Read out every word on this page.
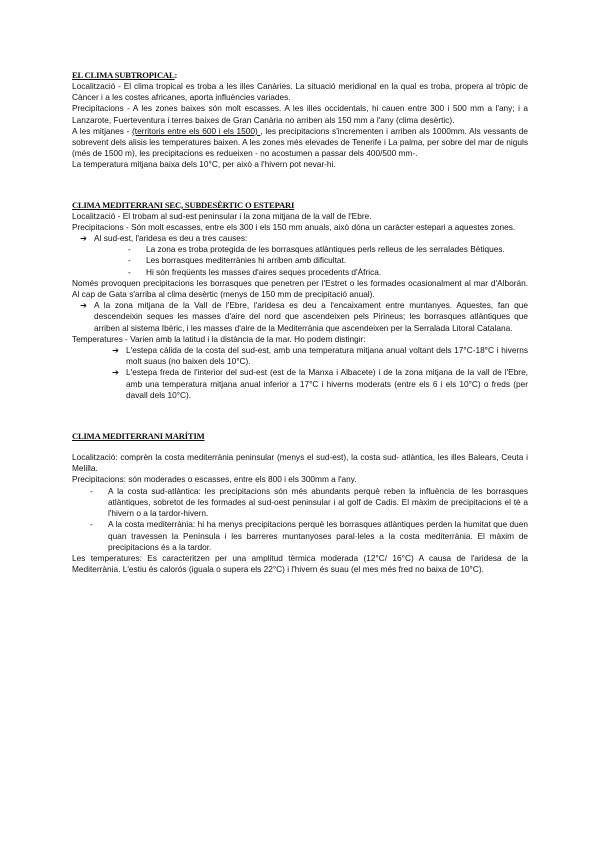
EL CLIMA SUBTROPICAL:

Localització - El clima tropical es troba a les illes Canàries. La situació meridional en la qual es troba, propera al tròpic de Càncer i a les costes africanes, aporta influències variades.

Precipitacions - A les zones baixes són molt escasses. A les illes occidentals, hi cauen entre 300 i 500 mm a l'any; i a Lanzarote, Fuerteventura i terres baixes de Gran Canària no arriben als 150 mm a l'any (clima desèrtic).

A les mitjanes - (territoris entre els 600 i els 1500) , les precipitacions s'incrementen i arriben als 1000mm. Als vessants de sobrevent dels alisis les temperatures baixen. A les zones més elevades de Tenerife i La palma, per sobre del mar de niguls (més de 1500 m), les precipitacions es redueixen - no acostumen a passar dels 400/500 mm-.

La temperatura mitjana baixa dels 10°C, per això a l'hivern pot nevar-hi.

CLIMA MEDITERRANI SEC, SUBDESÈRTIC O ESTEPARI

Localització - El trobam al sud-est peninsular i la zona mitjana de la vall de l'Ebre.

Precipitacions - Són molt escasses, entre els 300 i els 150 mm anuals, això dóna un caràcter estepari a aquestes zones.

➔ Al sud-est, l'aridesa es deu a tres causes:
-	La zona es troba protegida de les borrasques atlàntiques perls relleus de les serralades Bètiques.
-	Les borrasques mediterrànies hi arriben amb dificultat.
-	Hi són freqüents les masses d'aires seques procedents d'Àfrica.

Només provoquen precipitacions les borrasques que penetren per l'Estret o les formades ocasionalment al mar d'Alborán. Al cap de Gata s'arriba al clima desèrtic (menys de 150 mm de precipitació anual).

➔ A la zona mitjana de la Vall de l'Ebre, l'aridesa es deu a l'encaixament entre muntanyes. Aquestes, fan que descendeixin seques les masses d'aire del nord que ascendeixen pels Pirineus; les borrasques atlàntiques que arriben al sistema Ibèric, i les masses d'aire de la Mediterrània que ascendeixen per la Serralada Litoral Catalana.

Temperatures - Varien amb la latitud i la distància de la mar. Ho podem distingir:

➔ L'estepa càlida de la costa del sud-est, amb una temperatura mitjana anual voltant dels 17°C-18°C i hiverns molt suaus (no baixen dels 10°C).
➔ L'estepa freda de l'interior del sud-est (est de la Manxa i Albacete) i de la zona mitjana de la vall de l'Ebre, amb una temperatura mitjana anual inferior a 17°C i hiverns moderats (entre els 6 i els 10°C) o freds (per davall dels 10°C).
CLIMA MEDITERRANI MARÍTIM

Localització: comprèn la costa mediterrània peninsular (menys el sud-est), la costa sud- atlàntica, les illes Balears, Ceuta i Melilla.

Precipitacions: són moderades o escasses, entre els 800 i els 300mm a l'any.

-	A la costa sud-atlàntica: les precipitacions són més abundants perquè reben la influència de les borrasques atlàntiques, sobretot de les formades al sud-oest peninsular i al golf de Cadis. El màxim de precipitacions el tè a l'hivern o a la tardor-hivern.
-	A la costa mediterrània: hi ha menys precipitacions perquè les borrasques atlàntiques perden la humitat que duen quan travessen la Península i les barreres muntanyoses paral·leles a la costa mediterrània. El màxim de precipitacions és a la tardor.

Les temperatures: Es caracteritzen per una amplitud tèrmica moderada (12°C/ 16°C) A causa de l'aridesa de la Mediterrània. L'estiu és calorós (iguala o supera els 22°C) i l'hivern és suau (el mes més fred no baixa de 10°C).
